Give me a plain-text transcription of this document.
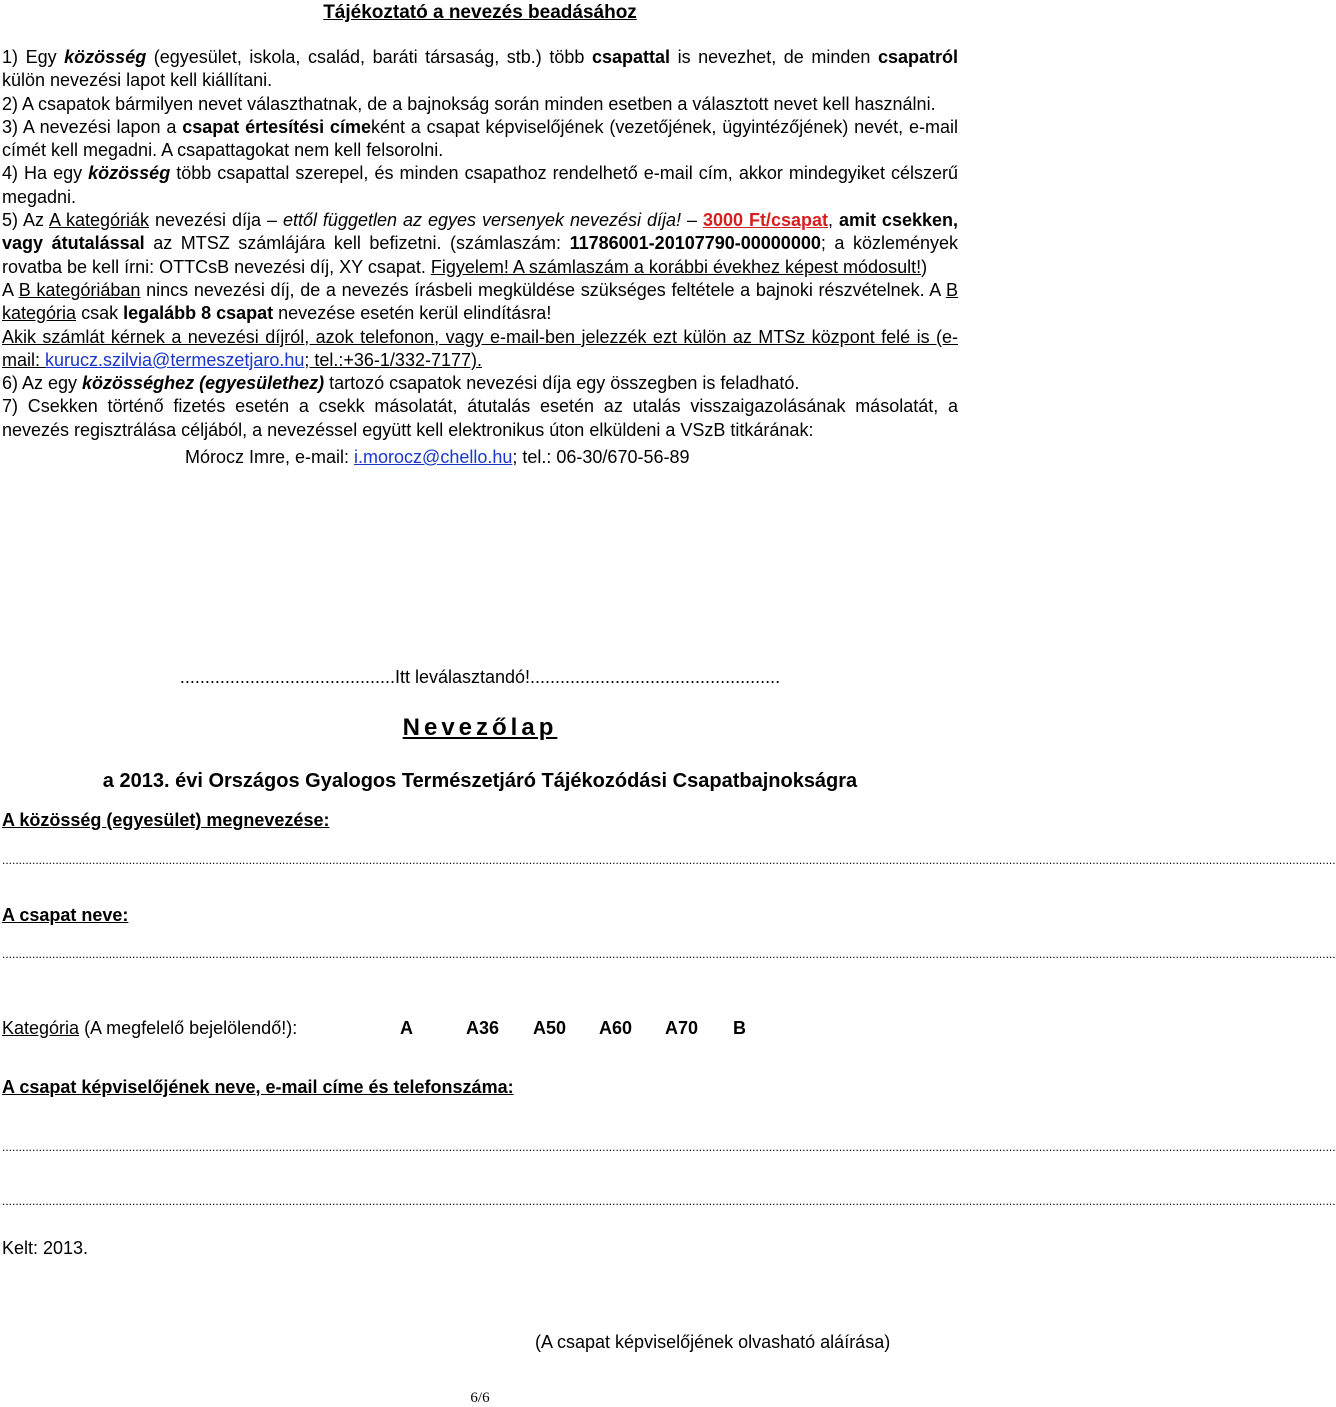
Tájékoztató a nevezés beadásához

1) Egy közösség (egyesület, iskola, család, baráti társaság, stb.) több csapattal is nevezhet, de minden csapatról külön nevezési lapot kell kiállítani.

2) A csapatok bármilyen nevet választhatnak, de a bajnokság során minden esetben a választott nevet kell használni.

3) A nevezési lapon a csapat értesítési címeként a csapat képviselőjének (vezetőjének, ügyintézőjének) nevét, e-mail címét kell megadni. A csapattagokat nem kell felsorolni.

4) Ha egy közösség több csapattal szerepel, és minden csapathoz rendelhető e-mail cím, akkor mindegyiket célszerű megadni.

5) Az A kategóriák nevezési díja – ettől független az egyes versenyek nevezési díja! – 3000 Ft/csapat, amit csekken, vagy átutalással az MTSZ számlájára kell befizetni. (számlaszám: 11786001-20107790-00000000; a közlemények rovatba be kell írni: OTTCsB nevezési díj, XY csapat. Figyelem! A számlaszám a korábbi évekhez képest módosult!)

A B kategóriában nincs nevezési díj, de a nevezés írásbeli megküldése szükséges feltétele a bajnoki részvételnek. A B kategória csak legalább 8 csapat nevezése esetén kerül elindításra!

Akik számlát kérnek a nevezési díjról, azok telefonon, vagy e-mail-ben jelezzék ezt külön az MTSz központ felé is (e-mail: kurucz.szilvia@termeszetjaro.hu; tel.:+36-1/332-7177).

6) Az egy közösséghez (egyesülethez) tartozó csapatok nevezési díja egy összegben is feladható.

7) Csekken történő fizetés esetén a csekk másolatát, átutalás esetén az utalás visszaigazolásának másolatát, a nevezés regisztrálása céljából, a nevezéssel együtt kell elektronikus úton elküldeni a VSzB titkárának:

Mórocz Imre, e-mail: i.morocz@chello.hu; tel.: 06-30/670-56-89

...........................................Itt leválasztandó!..................................................
Nevezőlap
a 2013. évi Országos Gyalogos Természetjáró Tájékozódási Csapatbajnokságra
A közösség (egyesület) megnevezése:
................................................................................................................................................................................................................................................................................................................................................................................................................
A csapat neve:
................................................................................................................................................................................................................................................................................................................................................................................................................
Kategória (A megfelelő bejelölendő!):	A	A36 A50 A60 A70 B
A csapat képviselőjének neve, e-mail címe és telefonszáma:
................................................................................................................................................................................................................................................................................................................................................................................................................
................................................................................................................................................................................................................................................................................................................................................................................................................
Kelt: 2013.
(A csapat képviselőjének olvasható aláírása)
6/6
